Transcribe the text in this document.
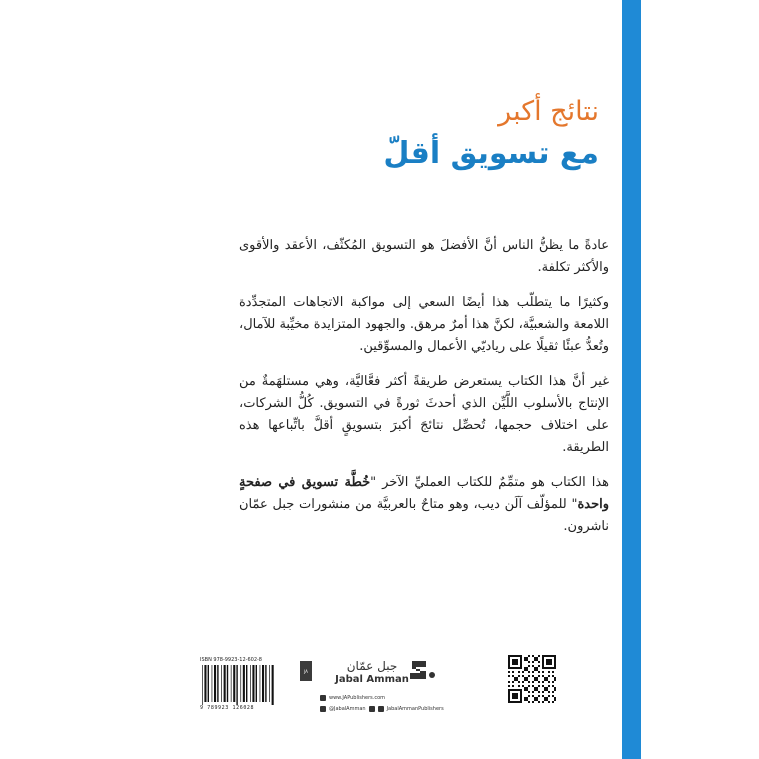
نتائج أكبر
مع تسويق أقلّ

عادةً ما يظنُّ الناس أنَّ الأفضلَ هو التسويق المُكثّف، الأعقد والأقوى والأكثر تكلفة.

وكثيرًا ما يتطلّب هذا أيضًا السعي إلى مواكبة الاتجاهات المتجدِّدة اللامعة والشعبيَّة، لكنَّ هذا أمرٌ مرهق. والجهود المتزايدة مخيِّبة للآمال، وتُعدُّ عبئًا ثقيلًا على رياديّي الأعمال والمسوِّقين.

غير أنَّ هذا الكتاب يستعرض طريقةً أكثر فعَّاليَّة، وهي مستلهَمةٌ من الإنتاج بالأسلوب اللَّيِّن الذي أحدثَ ثورةً في التسويق. كُلُّ الشركات، على اختلاف حجمها، تُحصِّل نتائجَ أكبرَ بتسويقٍ أقلَّ باتِّباعها هذه الطريقة.

هذا الكتاب هو متمِّمٌ للكتاب العمليِّ الآخر "خُطَّة تسويق في صفحةٍ واحدة" للمؤلّف آلَن ديب، وهو متاحٌ بالعربيَّة من منشورات جبل عمّان ناشرون.

ISBN 978-9923-12-602-8
9 789923 126028
JA	جبل عمّان
Jabal Amman
www.JAPublishers.com
@JabalAmman	JabalAmmanPublishers
